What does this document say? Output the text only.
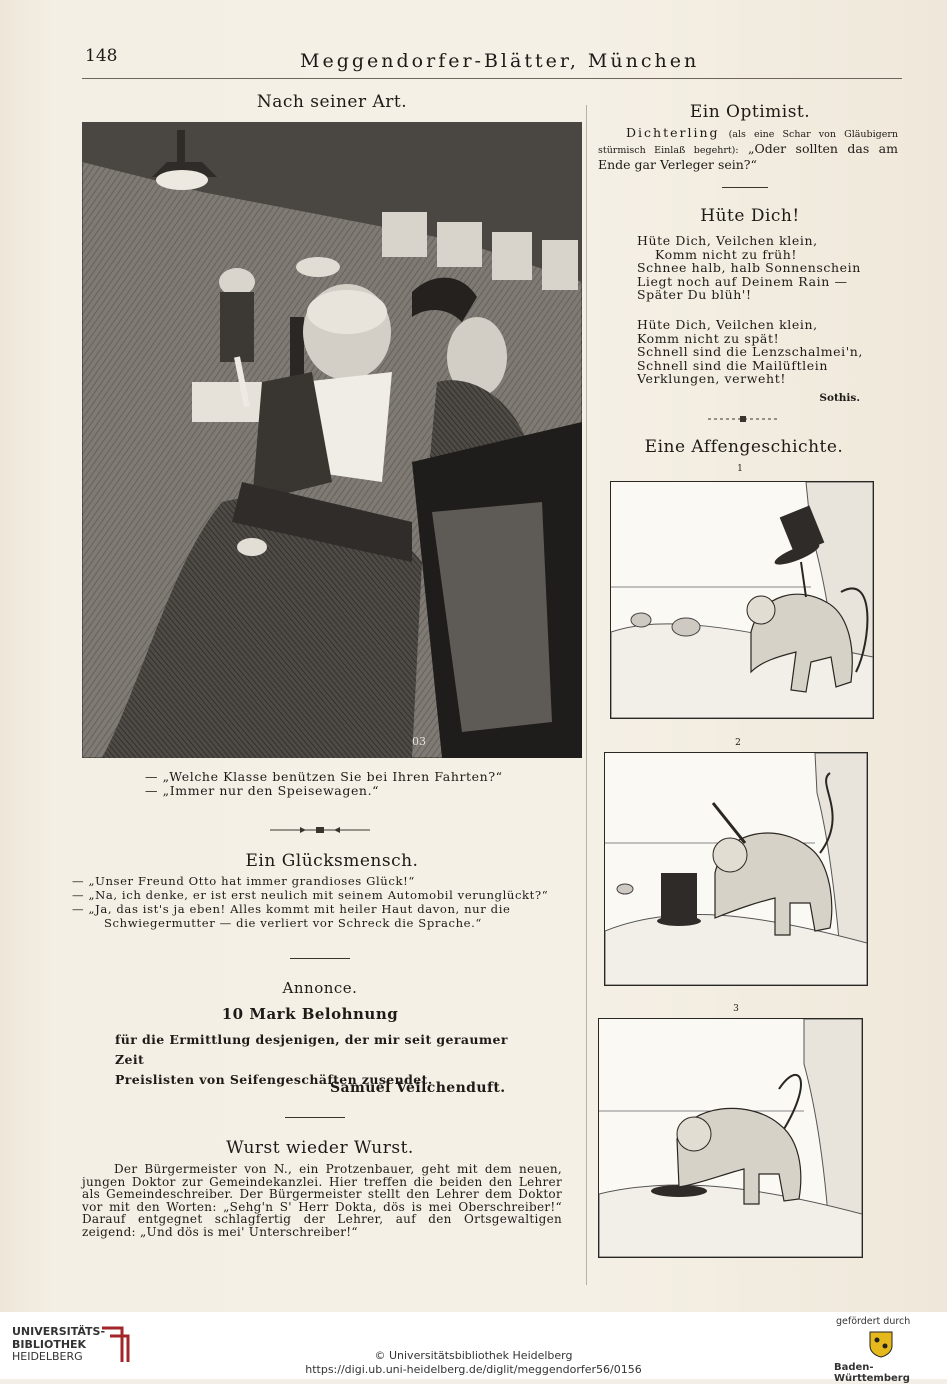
148	Meggendorfer-Blätter, München
Nach seiner Art.
03
— „Welche Klasse benützen Sie bei Ihren Fahrten?“
— „Immer nur den Speisewagen.“
Ein Glücksmensch.
— „Unser Freund Otto hat immer grandioses Glück!“
— „Na, ich denke, er ist erst neulich mit seinem Automobil verunglückt?“
— „Ja, das ist's ja eben! Alles kommt mit heiler Haut davon, nur die
Schwiegermutter — die verliert vor Schreck die Sprache.“
Annonce.
10 Mark Belohnung
für die Ermittlung desjenigen, der mir seit geraumer Zeit
Preislisten von Seifengeschäften zusendet.
Samuel Veilchenduft.
Wurst wieder Wurst.
Der Bürgermeister von N., ein Protzenbauer, geht mit dem neuen, jungen Doktor zur Gemeindekanzlei. Hier treffen die beiden den Lehrer als Gemeindeschreiber. Der Bürgermeister stellt den Lehrer dem Doktor vor mit den Worten: „Sehg'n S' Herr Dokta, dös is mei Oberschreiber!“ Darauf entgegnet schlagfertig der Lehrer, auf den Ortsgewaltigen zeigend: „Und dös is mei' Unterschreiber!“
Ein Optimist.
Dichterling (als eine Schar von Gläubigern stürmisch Einlaß begehrt): „Oder sollten das am Ende gar Verleger sein?“
Hüte Dich!
Hüte Dich, Veilchen klein,
Komm nicht zu früh!
Schnee halb, halb Sonnenschein
Liegt noch auf Deinem Rain —
Später Du blüh'!
Hüte Dich, Veilchen klein,
Komm nicht zu spät!
Schnell sind die Lenzschalmei'n,
Schnell sind die Mailüftlein
Verklungen, verweht!
Sothis.
Eine Affengeschichte.
1
2
3
UNIVERSITÄTS-
BIBLIOTHEK
HEIDELBERG	© Universitätsbibliothek Heidelberg
https://digi.ub.uni-heidelberg.de/diglit/meggendorfer56/0156
gefördert durch
Baden-Württemberg
